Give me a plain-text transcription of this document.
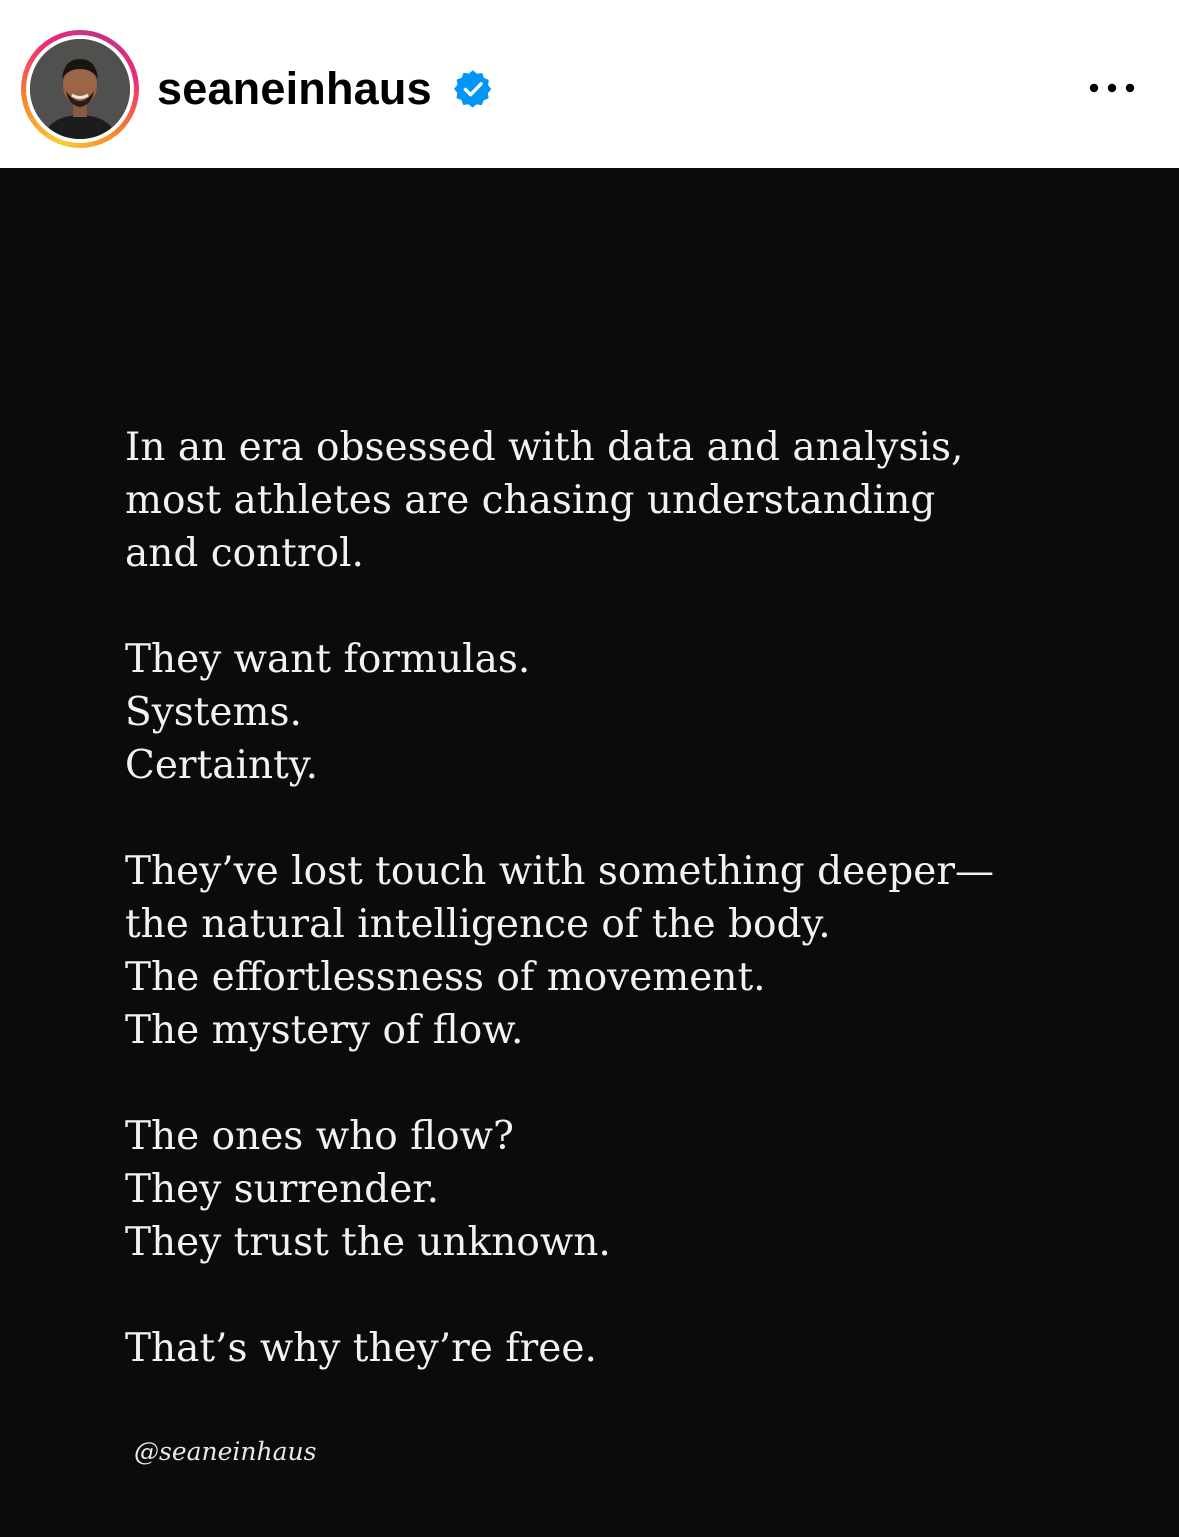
seaneinhaus
In an era obsessed with data and analysis,
most athletes are chasing understanding
and control.
They want formulas.
Systems.
Certainty.
They’ve lost touch with something deeper—
the natural intelligence of the body.
The effortlessness of movement.
The mystery of flow.
The ones who flow?
They surrender.
They trust the unknown.
That’s why they’re free.
@seaneinhaus
